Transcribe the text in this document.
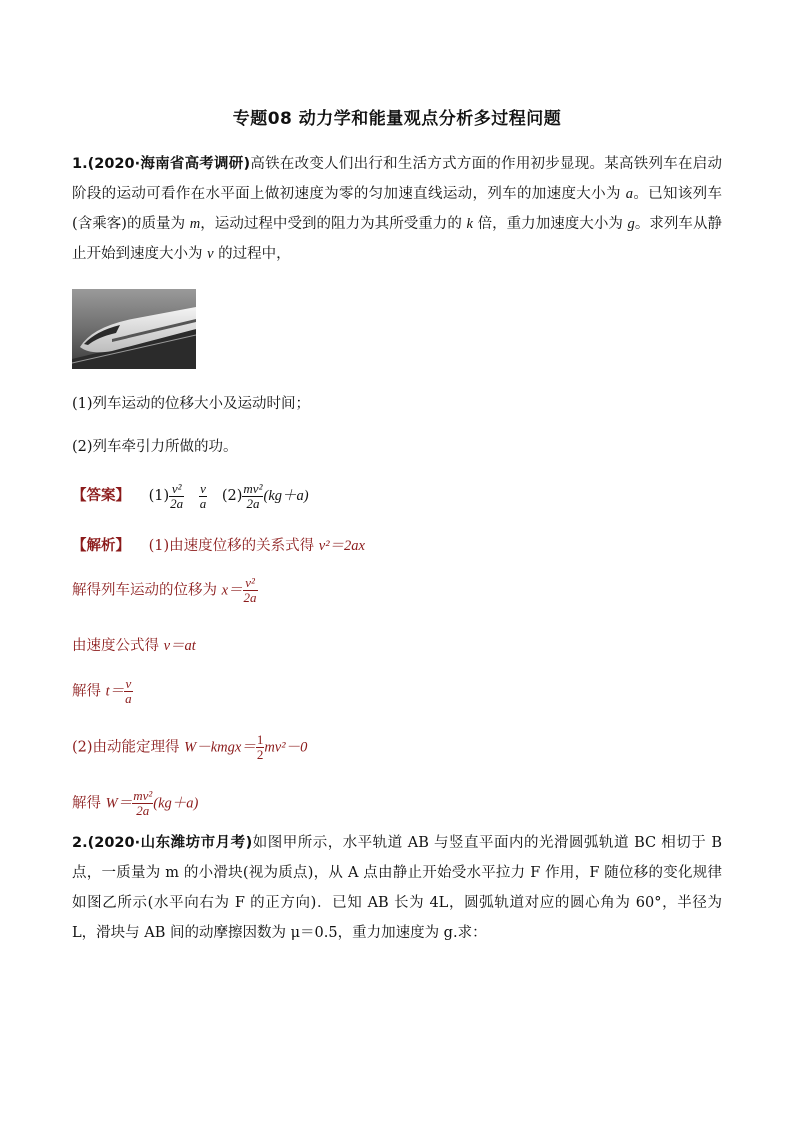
专题08 动力学和能量观点分析多过程问题
1.(2020·海南省高考调研)高铁在改变人们出行和生活方式方面的作用初步显现。某高铁列车在启动阶段的运动可看作在水平面上做初速度为零的匀加速直线运动，列车的加速度大小为 a。已知该列车(含乘客)的质量为 m，运动过程中受到的阻力为其所受重力的 k 倍，重力加速度大小为 g。求列车从静止开始到速度大小为 v 的过程中，
(1)列车运动的位移大小及运动时间；
(2)列车牵引力所做的功。
【答案】 $(1) \frac{\text{v²}}{2a}$
$\frac{v}{a} (2) \frac{\text{mv²}}{2a} (kg+a)$
【解析】 (1)由速度位移的关系式得 v²＝2ax
解得列车运动的位移为 $x= \frac{\text{v²}}{2a}$
由速度公式得 v＝at
解得 $t= \frac{v}{a}$
(2)由动能定理得 W－kmgx＝ $\frac{1}{2} mv^2-0$
解得 $W= \frac{\text{mv²}}{2a} (kg+a)$
2.(2020·山东潍坊市月考)如图甲所示，水平轨道 AB 与竖直平面内的光滑圆弧轨道 BC 相切于 B 点，一质量为 m 的小滑块(视为质点)，从 A 点由静止开始受水平拉力 F 作用，F 随位移的变化规律如图乙所示(水平向右为 F 的正方向)．已知 AB 长为 4L，圆弧轨道对应的圆心角为 60°，半径为 L，滑块与 AB 间的动摩擦因数为 μ＝0.5，重力加速度为 g.求：
